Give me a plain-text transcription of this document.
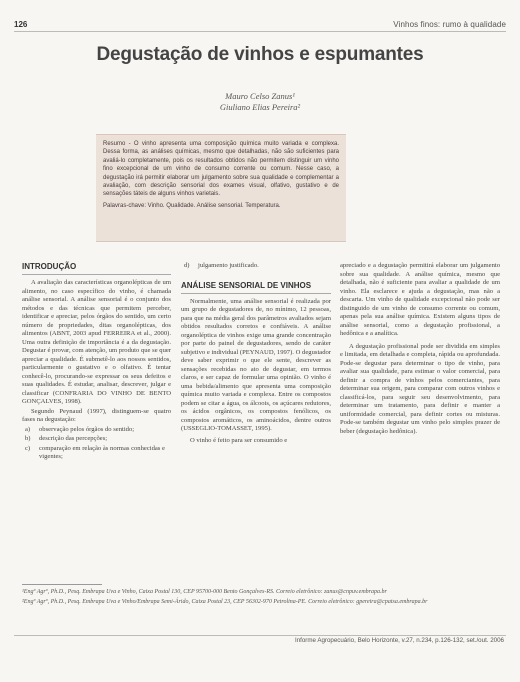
126	Vinhos finos: rumo à qualidade
Degustação de vinhos e espumantes
Mauro Celso Zanus¹
Giuliano Elias Pereira²

Resumo - O vinho apresenta uma composição química muito variada e complexa. Dessa forma, as análises químicas, mesmo que detalhadas, não são suficientes para avaliá-lo completamente, pois os resultados obtidos não permitem distinguir um vinho fino excepcional de um vinho de consumo corrente ou comum. Nesse caso, a degustação irá permitir elaborar um julgamento sobre sua qualidade e complementar a avaliação, com descrição sensorial dos exames visual, olfativo, gustativo e de sensações táteis de alguns vinhos varietais.

Palavras-chave: Vinho. Qualidade. Análise sensorial. Temperatura.

INTRODUÇÃO

A avaliação das características organolépticas de um alimento, no caso específico do vinho, é chamada análise sensorial. A análise sensorial é o conjunto dos métodos e das técnicas que permitem perceber, identificar e apreciar, pelos órgãos do sentido, um certo número de propriedades, ditas organolépticas, dos alimentos (ABNT, 2003 apud FERREIRA et al., 2000). Uma outra definição de importância é a da degustação. Degustar é provar, com atenção, um produto que se quer apreciar a qualidade. É submetê-lo aos nossos sentidos, particularmente o gustativo e o olfativo. É tentar conhecê-lo, procurando-se expressar os seus defeitos e suas qualidades. É estudar, analisar, descrever, julgar e classificar (CONFRARIA DO VINHO DE BENTO GONÇALVES, 1998).

Segundo Peynaud (1997), distinguem-se quatro fases na degustação:

a) observação pelos órgãos do sentido;
b) descrição das percepções;
c) comparação em relação às normas conhecidas e vigentes;
d) julgamento justificado.
ANÁLISE SENSORIAL DE VINHOS

Normalmente, uma análise sensorial é realizada por um grupo de degustadores de, no mínimo, 12 pessoas, para que na média geral dos parâmetros avaliados sejam obtidos resultados corretos e confiáveis. A análise organoléptica de vinhos exige uma grande concentração por parte do painel de degustadores, sendo de caráter subjetivo e individual (PEYNAUD, 1997). O degustador deve saber exprimir o que ele sente, descrever as sensações recebidas no ato de degustar, em termos claros, e ser capaz de formular uma opinião. O vinho é uma bebida/alimento que apresenta uma composição química muito variada e complexa. Entre os compostos podem se citar a água, os álcoois, os açúcares redutores, os ácidos orgânicos, os compostos fenólicos, os compostos aromáticos, os aminoácidos, dentre outros (USSEGLIO-TOMASSET, 1995).

O vinho é feito para ser consumido e

apreciado e a degustação permitirá elaborar um julgamento sobre sua qualidade. A análise química, mesmo que detalhada, não é suficiente para avaliar a qualidade de um vinho. Ela esclarece e ajuda a degustação, mas não a descarta. Um vinho de qualidade excepcional não pode ser distinguido de um vinho de consumo corrente ou comum, apenas pela sua análise química. Existem alguns tipos de análise sensorial, como a degustação profissional, a hedônica e a analítica.

A degustação profissional pode ser dividida em simples e limitada, em detalhada e completa, rápida ou aprofundada. Pode-se degustar para determinar o tipo de vinho, para avaliar sua qualidade, para estimar o valor comercial, para definir a compra de vinhos pelos comerciantes, para determinar sua origem, para comparar com outros vinhos e classificá-los, para seguir seu desenvolvimento, para determinar um tratamento, para definir e manter a uniformidade comercial, para definir cortes ou misturas. Pode-se também degustar um vinho pelo simples prazer de beber (degustação hedônica).

¹Engº Agrº, Ph.D., Pesq. Embrapa Uva e Vinho, Caixa Postal 130, CEP 95700-000 Bento Gonçalves-RS. Correio eletrônico: zanus@cnpuv.embrapa.br

²Engº Agrº, Ph.D., Pesq. Embrapa Uva e Vinho/Embrapa Semi-Árido, Caixa Postal 23, CEP 56302-970 Petrolina-PE. Correio eletrônico: gpereira@cpatsa.embrapa.br

Informe Agropecuário, Belo Horizonte, v.27, n.234, p.126-132, set./out. 2006
